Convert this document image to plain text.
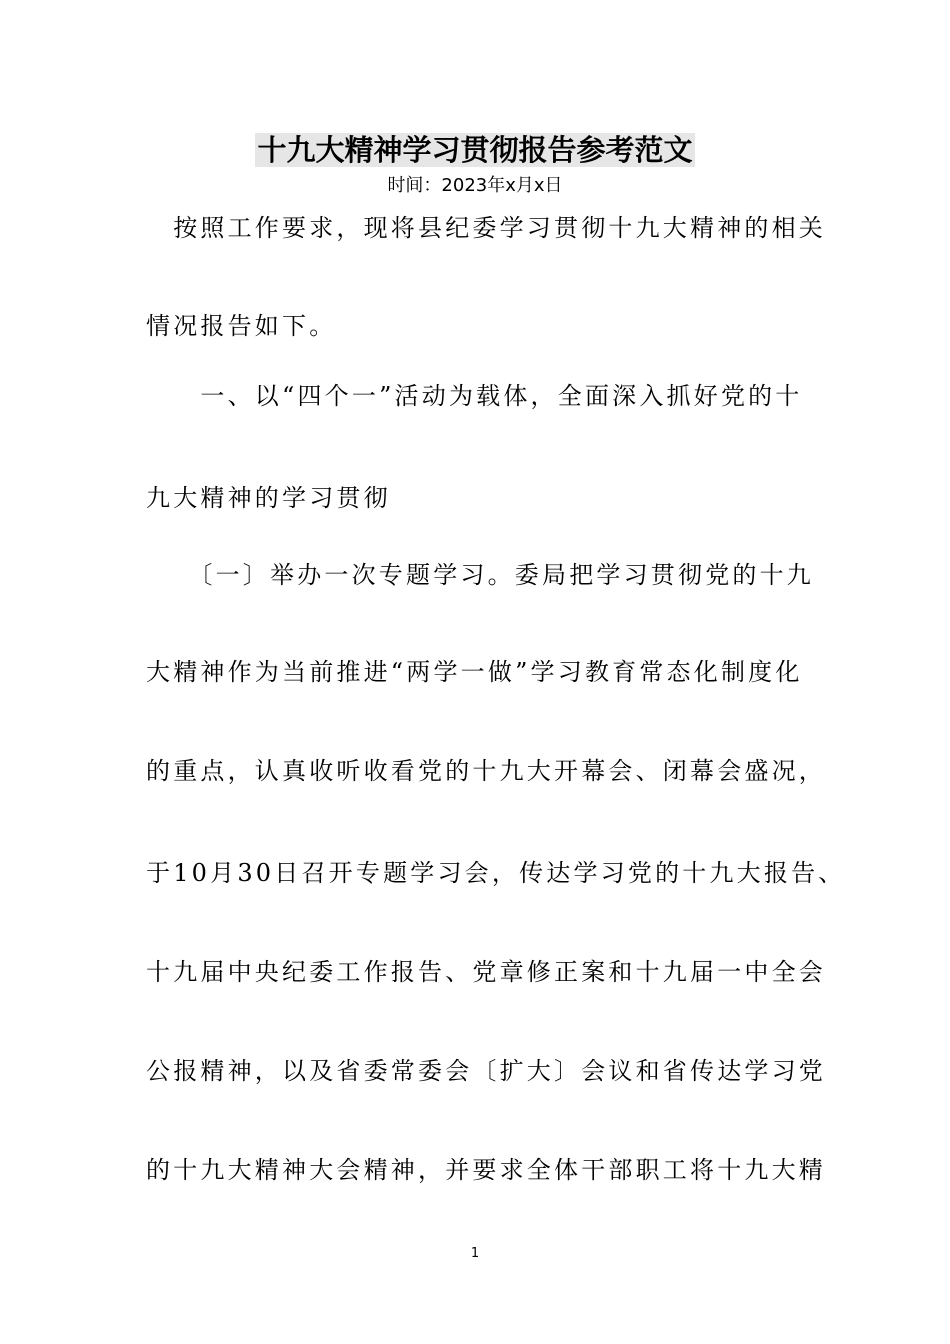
十九大精神学习贯彻报告参考范文
时间：2023年x月x日
　按照工作要求，现将县纪委学习贯彻十九大精神的相关
情况报告如下。
　　一、以“四个一”活动为载体，全面深入抓好党的十
九大精神的学习贯彻
　　〔一〕举办一次专题学习。委局把学习贯彻党的十九
大精神作为当前推进“两学一做”学习教育常态化制度化
的重点，认真收听收看党的十九大开幕会、闭幕会盛况，
于10月30日召开专题学习会，传达学习党的十九大报告、
十九届中央纪委工作报告、党章修正案和十九届一中全会
公报精神，以及省委常委会〔扩大〕会议和省传达学习党
的十九大精神大会精神，并要求全体干部职工将十九大精
1
